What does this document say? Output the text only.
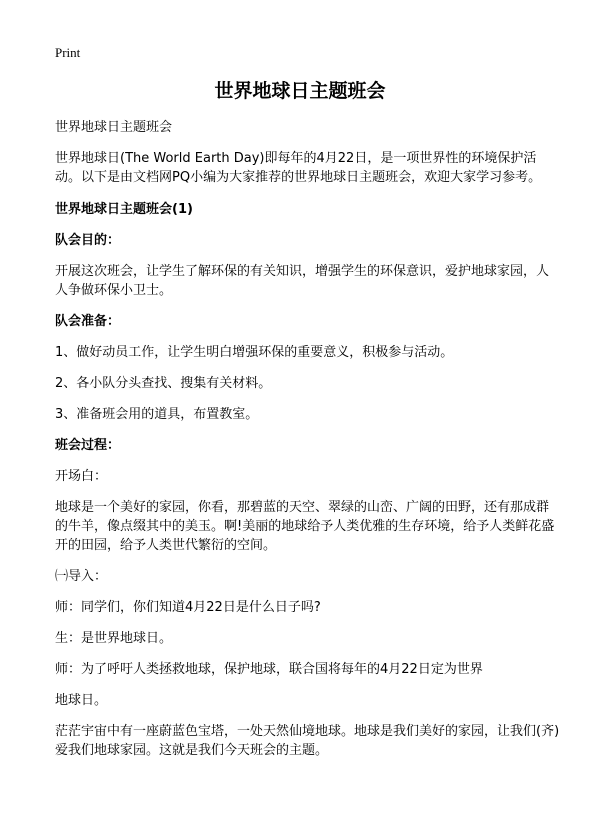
Print
世界地球日主题班会

世界地球日主题班会

世界地球日(The World Earth Day)即每年的4月22日，是一项世界性的环境保护活动。以下是由文档网PQ小编为大家推荐的世界地球日主题班会，欢迎大家学习参考。

世界地球日主题班会(1)

队会目的：

开展这次班会，让学生了解环保的有关知识，增强学生的环保意识，爱护地球家园，人人争做环保小卫士。

队会准备：

1、做好动员工作，让学生明白增强环保的重要意义，积极参与活动。

2、各小队分头查找、搜集有关材料。

3、准备班会用的道具，布置教室。

班会过程：

开场白：

地球是一个美好的家园，你看，那碧蓝的天空、翠绿的山峦、广阔的田野，还有那成群的牛羊，像点缀其中的美玉。啊!美丽的地球给予人类优雅的生存环境，给予人类鲜花盛开的田园，给予人类世代繁衍的空间。

㈠导入：

师：同学们，你们知道4月22日是什么日子吗?

生：是世界地球日。

师：为了呼吁人类拯救地球，保护地球，联合国将每年的4月22日定为世界

地球日。

茫茫宇宙中有一座蔚蓝色宝塔，一处天然仙境地球。地球是我们美好的家园，让我们(齐)爱我们地球家园。这就是我们今天班会的主题。
